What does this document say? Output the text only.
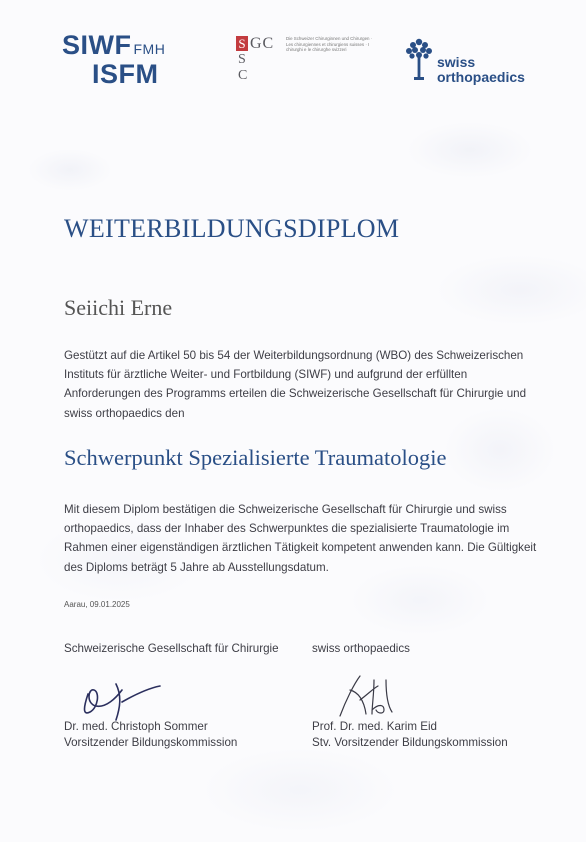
SIWF FMH
ISFM
S GC
S
C
Die Schweizer Chirurginnen und Chirurgen · Les chirurgiennes et chirurgiens suisses · I chirurghi e le chirurghe svizzeri
swiss
orthopaedics
WEITERBILDUNGSDIPLOM
Seiichi Erne
Gestützt auf die Artikel 50 bis 54 der Weiterbildungsordnung (WBO) des Schweizerischen Instituts für ärztliche Weiter- und Fortbildung (SIWF) und aufgrund der erfüllten Anforderungen des Programms erteilen die Schweizerische Gesellschaft für Chirurgie und swiss orthopaedics den
Schwerpunkt Spezialisierte Traumatologie
Mit diesem Diplom bestätigen die Schweizerische Gesellschaft für Chirurgie und swiss orthopaedics, dass der Inhaber des Schwerpunktes die spezialisierte Traumatologie im Rahmen einer eigenständigen ärztlichen Tätigkeit kompetent anwenden kann. Die Gültigkeit des Diploms beträgt 5 Jahre ab Ausstellungsdatum.
Aarau, 09.01.2025
Schweizerische Gesellschaft für Chirurgie	swiss orthopaedics
Dr. med. Christoph Sommer
Vorsitzender Bildungskommission
Prof. Dr. med. Karim Eid
Stv. Vorsitzender Bildungskommission
